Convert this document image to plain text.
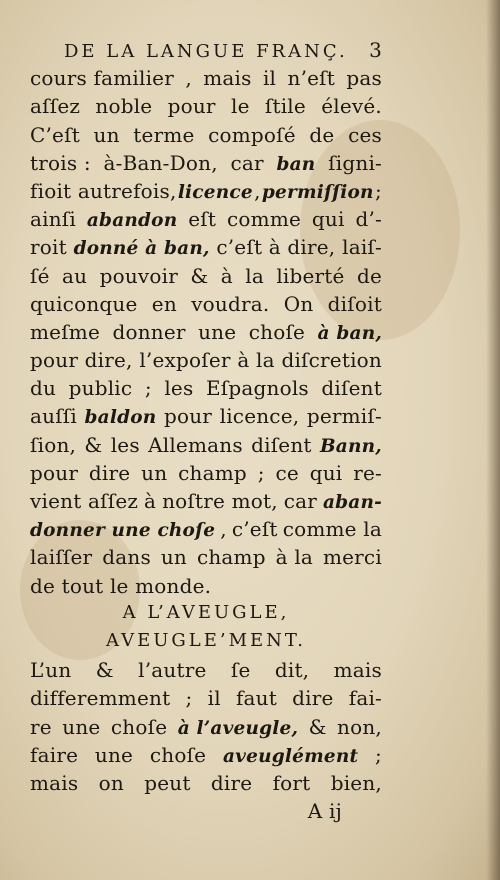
DE LA LANGUE FRANÇ. 3
cours familier , mais il n’eſt pas
aſſez noble pour le ſtile élevé.
C’eſt un terme compoſé de ces
trois : à-Ban-Don, car ban ſigni-
fioit autrefois, licence , permiſſion ;
ainſi abandon eſt comme qui d’-
roit donné à ban, c’eſt à dire, laiſ-
ſé au pouvoir & à la liberté de
quiconque en voudra. On diſoit
meſme donner une choſe à ban,
pour dire, l’expoſer à la diſcretion
du public ; les Eſpagnols diſent
auſſi baldon pour licence, permiſ-
ſion, & les Allemans diſent Bann,
pour dire un champ ; ce qui re-
vient aſſez à noſtre mot, car aban-
donner une choſe , c’eſt comme la
laiſſer dans un champ à la merci
de tout le monde.
A L’AVEUGLE,
AVEUGLE’MENT.
L’un & l’autre ſe dit, mais
differemment ; il faut dire fai-
re une choſe à l’aveugle, & non,
faire une choſe aveuglément ;
mais on peut dire fort bien,
A ij
